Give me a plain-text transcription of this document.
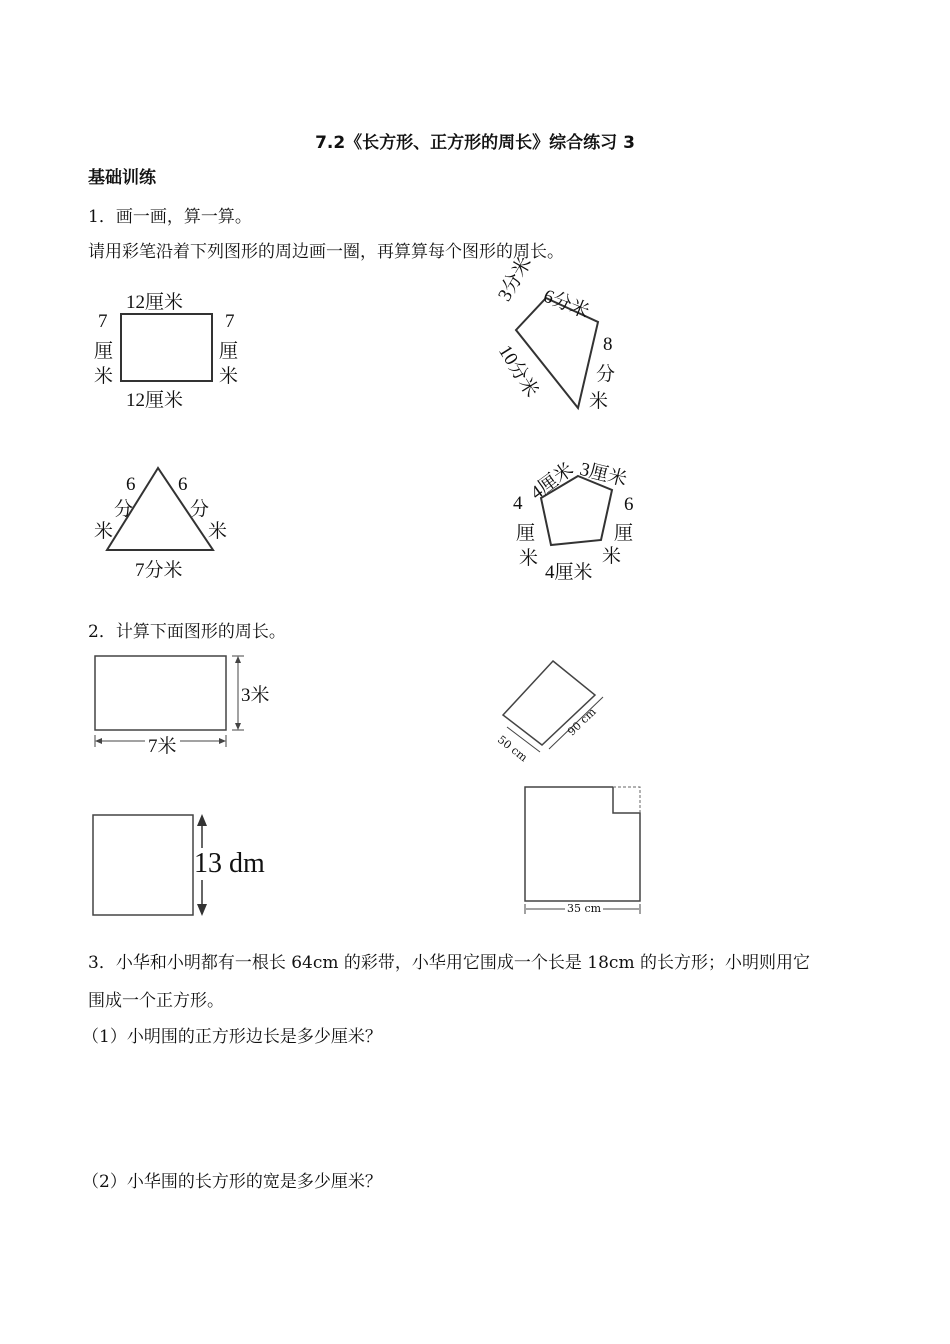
7.2《长方形、正方形的周长》综合练习 3
基础训练
1．画一画，算一算。
请用彩笔沿着下列图形的周边画一圈，再算算每个图形的周长。
12厘米
12厘米
7
厘
米
7
厘
米
3分米 6分米
8
分
米
10分米
6
分
米
6
分
米
7分米
4厘米 3厘米
4
厘
米
6
厘
米
4厘米
2．计算下面图形的周长。
3米
7米	50 cm
90 cm
13 dm
35 cm
3．小华和小明都有一根长 64cm 的彩带，小华用它围成一个长是 18cm 的长方形；小明则用它
围成一个正方形。
（1）小明围的正方形边长是多少厘米？
（2）小华围的长方形的宽是多少厘米？
